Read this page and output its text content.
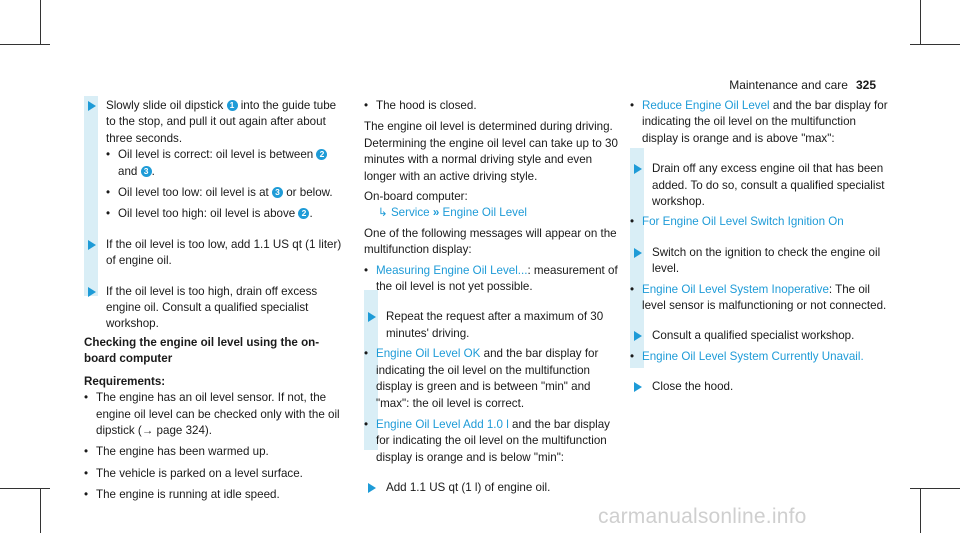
Maintenance and care 325

Slowly slide oil dipstick 1 into the guide tube to the stop, and pull it out again after about three seconds.

• Oil level is correct: oil level is between 2 and 3 .
• Oil level too low: oil level is at 3 or below.
• Oil level too high: oil level is above 2 .

If the oil level is too low, add 1.1 US qt (1 liter) of engine oil.

If the oil level is too high, drain off excess engine oil. Consult a qualified specialist workshop.

Checking the engine oil level using the on-board computer

Requirements:

• The engine has an oil level sensor. If not, the engine oil level can be checked only with the oil dipstick (→ page 324).
• The engine has been warmed up.
• The vehicle is parked on a level surface.
• The engine is running at idle speed.
• The hood is closed.

The engine oil level is determined during driving. Determining the engine oil level can take up to 30 minutes with a normal driving style and even longer with an active driving style.

On-board computer:

↳ Service » Engine Oil Level

One of the following messages will appear on the multifunction display:

• Measuring Engine Oil Level...: measurement of the oil level is not yet possible.

Repeat the request after a maximum of 30 minutes' driving.

• Engine Oil Level OK and the bar display for indicating the oil level on the multifunction display is green and is between "min" and "max": the oil level is correct.
• Engine Oil Level Add 1.0 l and the bar display for indicating the oil level on the multifunction display is orange and is below "min":

Add 1.1 US qt (1 l) of engine oil.

• Reduce Engine Oil Level and the bar display for indicating the oil level on the multifunction display is orange and is above "max":

Drain off any excess engine oil that has been added. To do so, consult a qualified specialist workshop.

• For Engine Oil Level Switch Ignition On

Switch on the ignition to check the engine oil level.

• Engine Oil Level System Inoperative: The oil level sensor is malfunctioning or not connected.

Consult a qualified specialist workshop.

• Engine Oil Level System Currently Unavail.

Close the hood.

carmanualsonline.info
